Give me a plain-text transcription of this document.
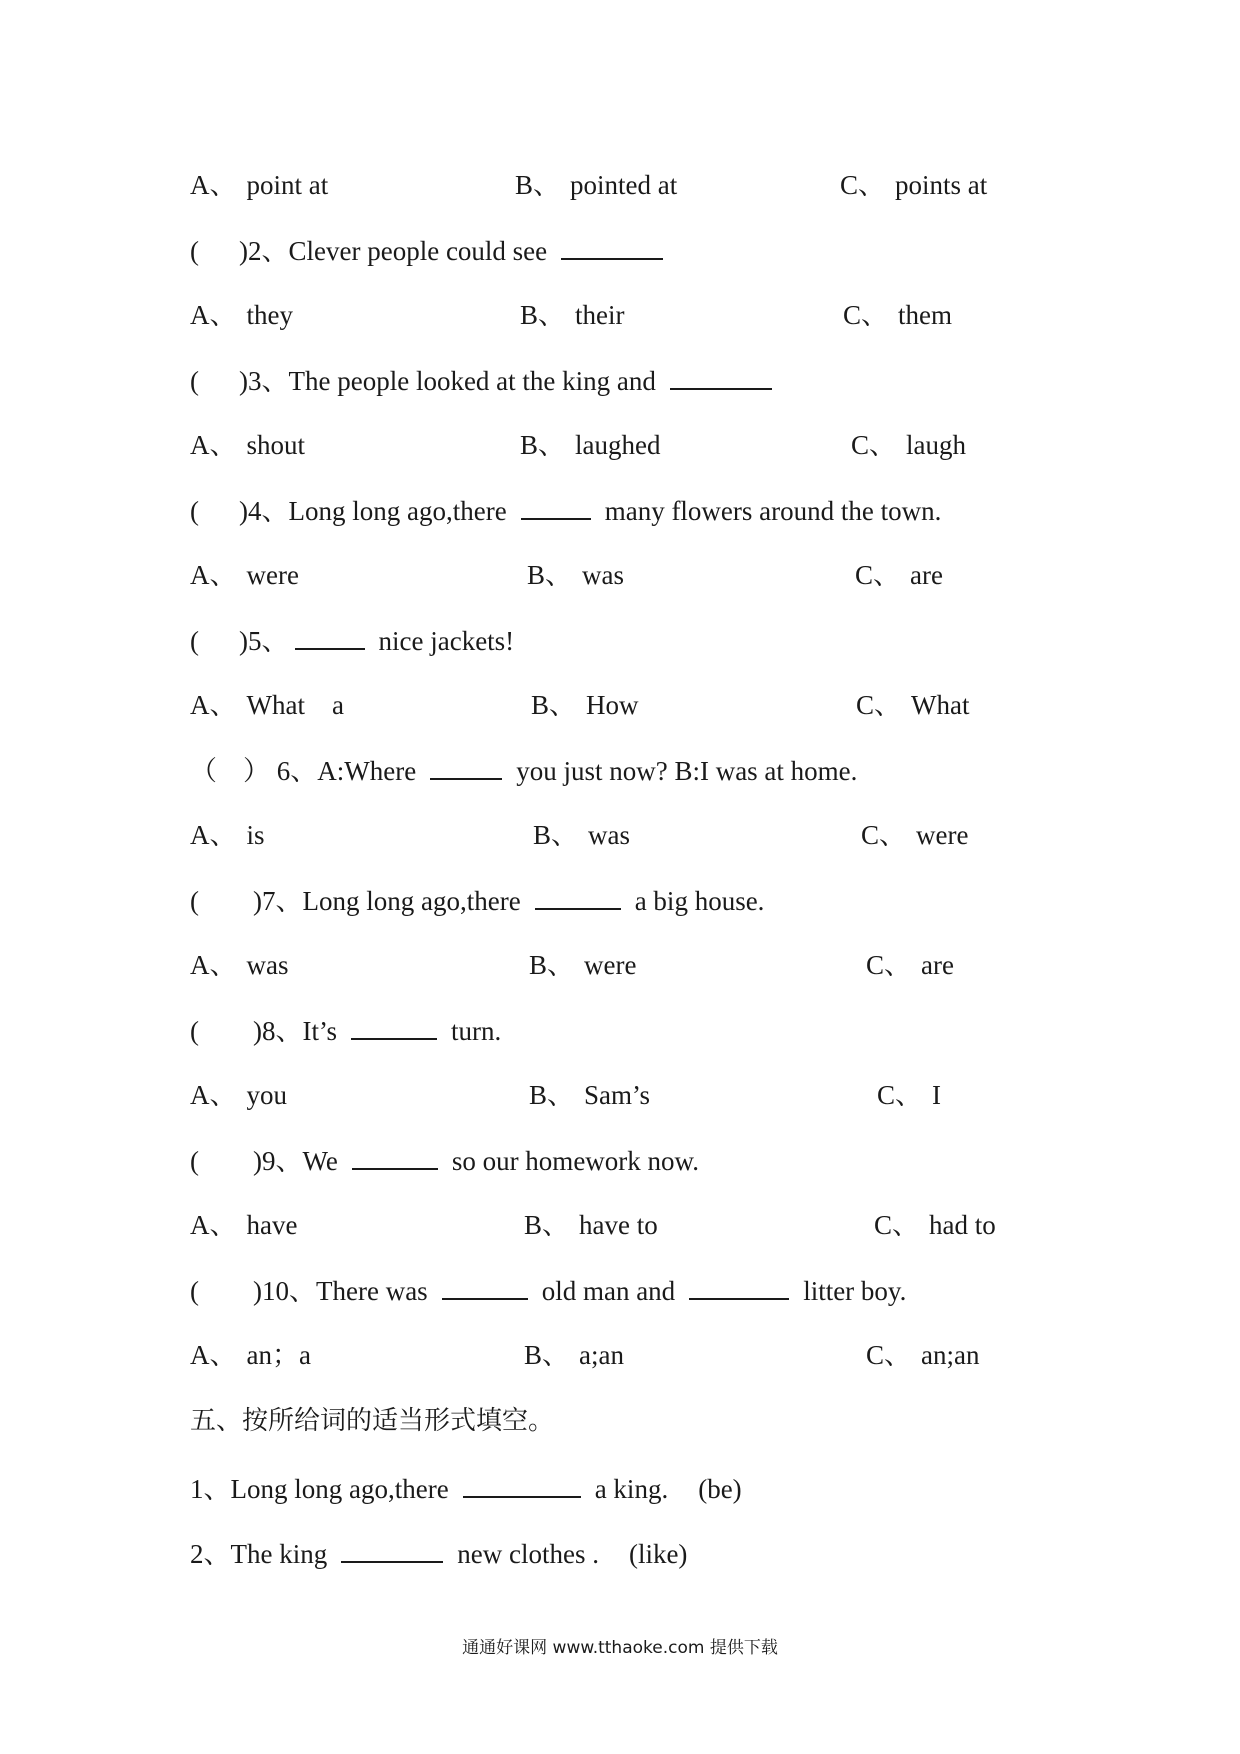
A、 point at	B、 pointed at	C、 points at
( )2、Clever people could see
A、 they	B、 their	C、 them
( )3、The people looked at the king and
A、 shout	B、 laughed	C、 laugh
( )4、Long long ago,there	many flowers around the town.
A、 were	B、 was	C、 are
( )5、	nice jackets!
A、 What　a	B、 How	C、 What
（ ） 6、A:Where	you just now? B:I was at home.
A、 is	B、 was	C、 were
( )7、Long long ago,there	a big house.
A、 was	B、 were	C、 are
( )8、It’s	turn.
A、 you	B、 Sam’s	C、 I
( )9、We	so our homework now.
A、 have	B、 have to	C、 had to
( )10、There was	old man and	litter boy.
A、 an；a	B、 a;an	C、 an;an
五、按所给词的适当形式填空。
1、Long long ago,there	a king. (be)
2、The king	new clothes . (like)
通通好课网 www.tthaoke.com 提供下载
